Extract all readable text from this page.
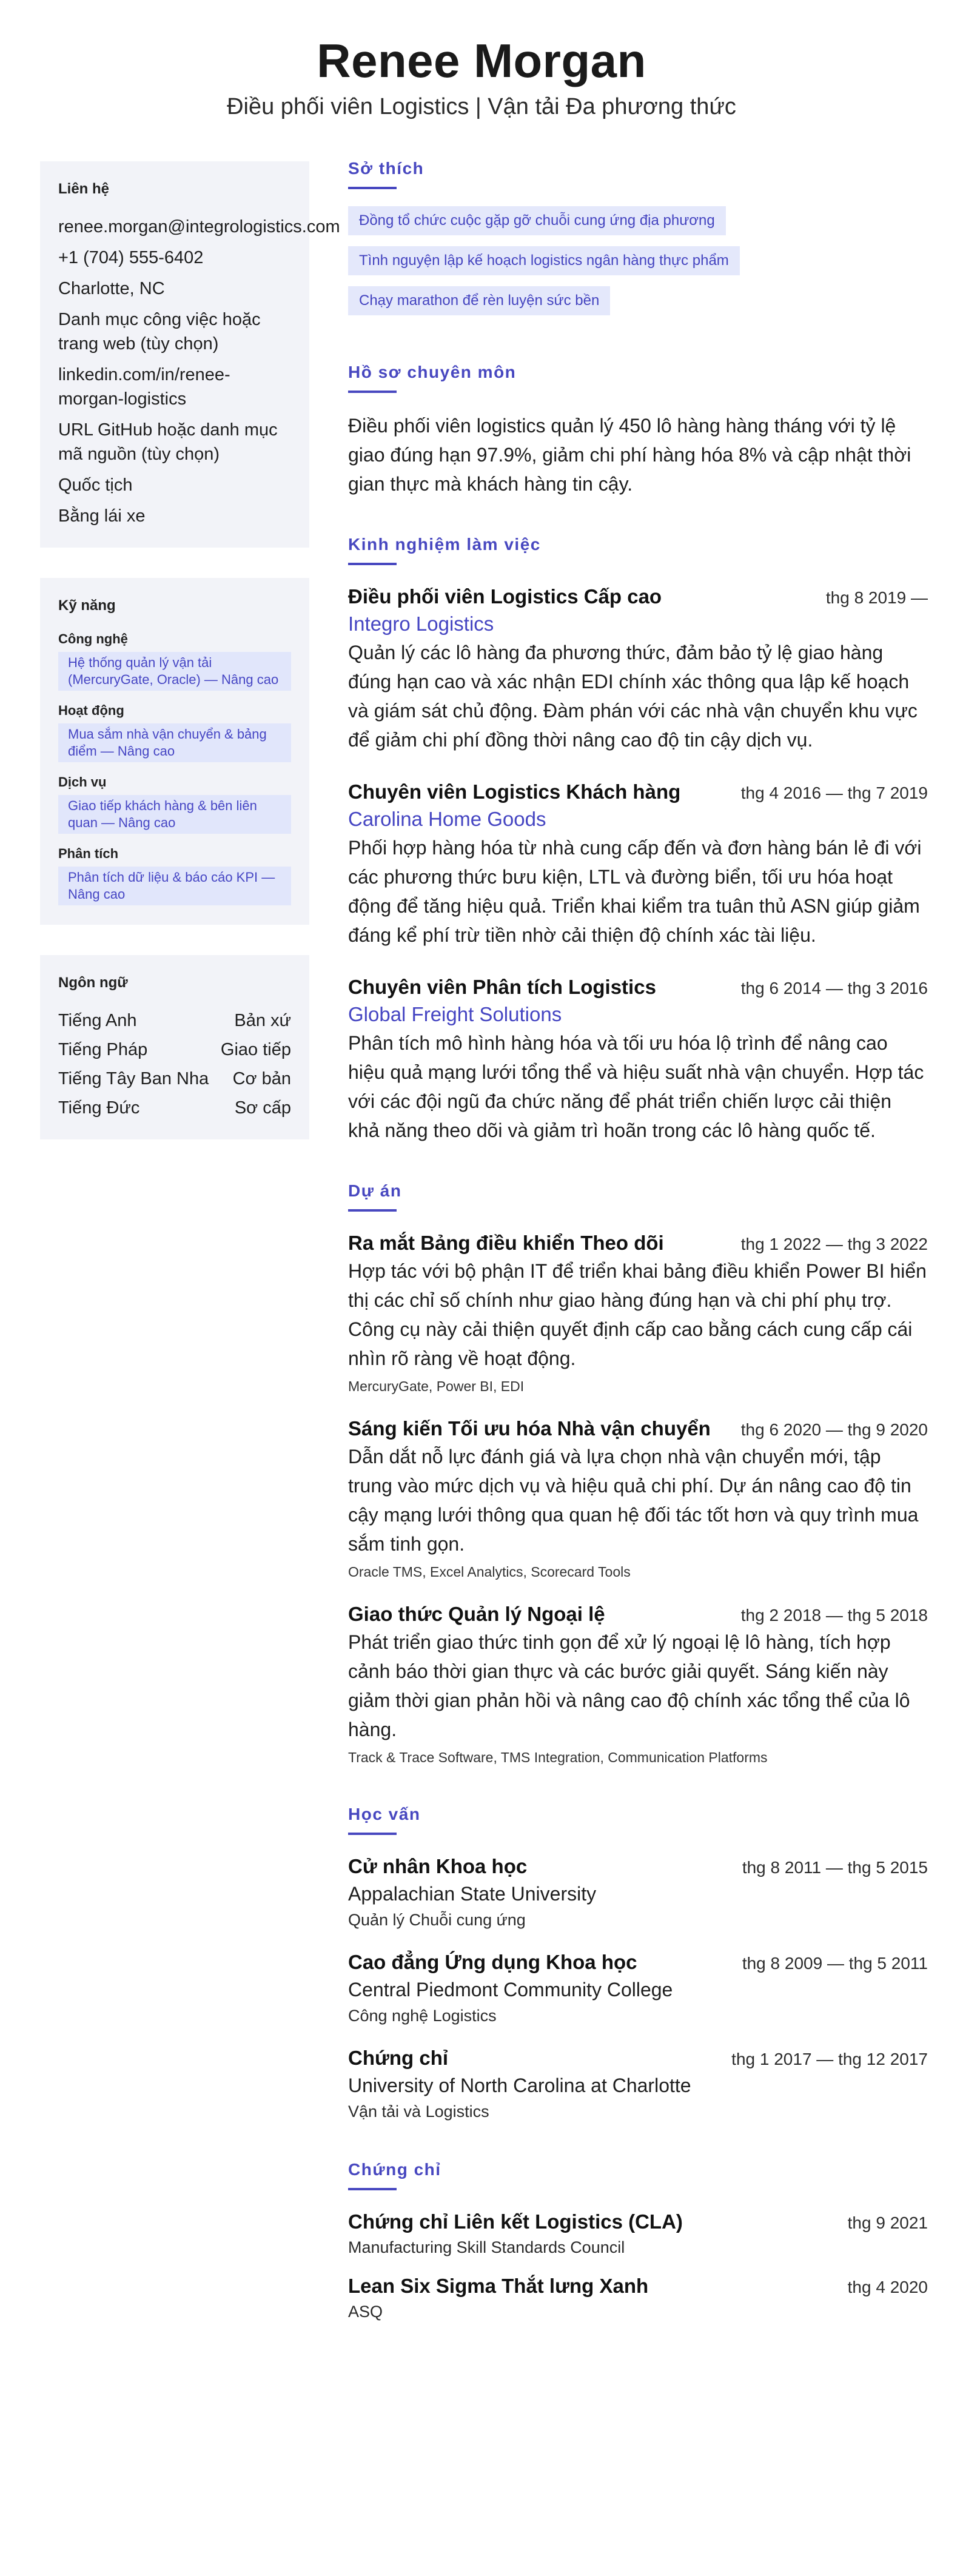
Renee Morgan
Điều phối viên Logistics | Vận tải Đa phương thức
Liên hệ
renee.morgan@integrologistics.com
+1 (704) 555-6402
Charlotte, NC
Danh mục công việc hoặc trang web (tùy chọn)
linkedin.com/in/renee-morgan-logistics
URL GitHub hoặc danh mục mã nguồn (tùy chọn)
Quốc tịch
Bằng lái xe
Kỹ năng
Công nghệ
Hệ thống quản lý vận tải (MercuryGate, Oracle) — Nâng cao
Hoạt động
Mua sắm nhà vận chuyển & bảng điểm — Nâng cao
Dịch vụ
Giao tiếp khách hàng & bên liên quan — Nâng cao
Phân tích
Phân tích dữ liệu & báo cáo KPI — Nâng cao
Ngôn ngữ
Tiếng Anh	Bản xứ
Tiếng Pháp	Giao tiếp
Tiếng Tây Ban Nha Cơ bản
Tiếng Đức	Sơ cấp
Sở thích
Đồng tổ chức cuộc gặp gỡ chuỗi cung ứng địa phương
Tình nguyện lập kế hoạch logistics ngân hàng thực phẩm
Chạy marathon để rèn luyện sức bền
Hồ sơ chuyên môn
Điều phối viên logistics quản lý 450 lô hàng hàng tháng với tỷ lệ giao đúng hạn 97.9%, giảm chi phí hàng hóa 8% và cập nhật thời gian thực mà khách hàng tin cậy.
Kinh nghiệm làm việc
Điều phối viên Logistics Cấp cao	thg 8 2019 —
Integro Logistics
Quản lý các lô hàng đa phương thức, đảm bảo tỷ lệ giao hàng đúng hạn cao và xác nhận EDI chính xác thông qua lập kế hoạch và giám sát chủ động. Đàm phán với các nhà vận chuyển khu vực để giảm chi phí đồng thời nâng cao độ tin cậy dịch vụ.
Chuyên viên Logistics Khách hàng	thg 4 2016 — thg 7 2019
Carolina Home Goods
Phối hợp hàng hóa từ nhà cung cấp đến và đơn hàng bán lẻ đi với các phương thức bưu kiện, LTL và đường biển, tối ưu hóa hoạt động để tăng hiệu quả. Triển khai kiểm tra tuân thủ ASN giúp giảm đáng kể phí trừ tiền nhờ cải thiện độ chính xác tài liệu.
Chuyên viên Phân tích Logistics	thg 6 2014 — thg 3 2016
Global Freight Solutions
Phân tích mô hình hàng hóa và tối ưu hóa lộ trình để nâng cao hiệu quả mạng lưới tổng thể và hiệu suất nhà vận chuyển. Hợp tác với các đội ngũ đa chức năng để phát triển chiến lược cải thiện khả năng theo dõi và giảm trì hoãn trong các lô hàng quốc tế.
Dự án
Ra mắt Bảng điều khiển Theo dõi	thg 1 2022 — thg 3 2022
Hợp tác với bộ phận IT để triển khai bảng điều khiển Power BI hiển thị các chỉ số chính như giao hàng đúng hạn và chi phí phụ trợ. Công cụ này cải thiện quyết định cấp cao bằng cách cung cấp cái nhìn rõ ràng về hoạt động.
MercuryGate, Power BI, EDI
Sáng kiến Tối ưu hóa Nhà vận chuyển thg 6 2020 — thg 9 2020
Dẫn dắt nỗ lực đánh giá và lựa chọn nhà vận chuyển mới, tập trung vào mức dịch vụ và hiệu quả chi phí. Dự án nâng cao độ tin cậy mạng lưới thông qua quan hệ đối tác tốt hơn và quy trình mua sắm tinh gọn.
Oracle TMS, Excel Analytics, Scorecard Tools
Giao thức Quản lý Ngoại lệ	thg 2 2018 — thg 5 2018
Phát triển giao thức tinh gọn để xử lý ngoại lệ lô hàng, tích hợp cảnh báo thời gian thực và các bước giải quyết. Sáng kiến này giảm thời gian phản hồi và nâng cao độ chính xác tổng thể của lô hàng.
Track & Trace Software, TMS Integration, Communication Platforms
Học vấn
Cử nhân Khoa học	thg 8 2011 — thg 5 2015
Appalachian State University
Quản lý Chuỗi cung ứng
Cao đẳng Ứng dụng Khoa học	thg 8 2009 — thg 5 2011
Central Piedmont Community College
Công nghệ Logistics
Chứng chỉ	thg 1 2017 — thg 12 2017
University of North Carolina at Charlotte
Vận tải và Logistics
Chứng chỉ
Chứng chỉ Liên kết Logistics (CLA)	thg 9 2021
Manufacturing Skill Standards Council
Lean Six Sigma Thắt lưng Xanh	thg 4 2020
ASQ
